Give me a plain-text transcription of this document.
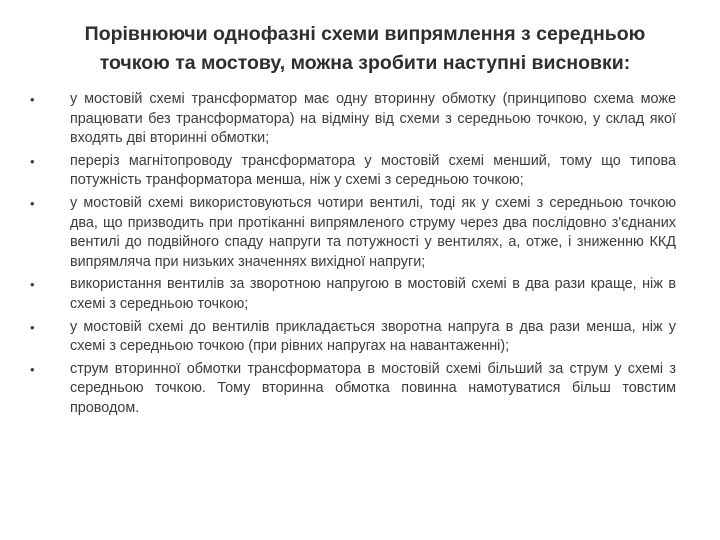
Порівнюючи однофазні схеми випрямлення з середньою
точкою та мостову, можна зробити наступні висновки:
•	у мостовій схемі трансформатор має одну вторинну обмотку (принципово схема може працювати без трансформатора) на відміну від схеми з середньою точкою, у склад якої входять дві вторинні обмотки;
•	переріз магнітопроводу трансформатора у мостовій схемі менший, тому що типова потужність транформатора менша, ніж у схемі з середньою точкою;
•	у мостовій схемі використовуються чотири вентилі, тоді як у схемі з середньою точкою два, що призводить при протіканні випрямленого струму через два послідовно з'єднаних вентилі до подвійного спаду напруги та потужності у вентилях, а, отже, і зниженню ККД випрямляча при низьких значеннях вихідної напруги;
•	використання вентилів за зворотною напругою в мостовій схемі в два рази краще, ніж в схемі з середньою точкою;
•	у мостовій схемі до вентилів прикладається зворотна напруга в два рази менша, ніж у схемі з середньою точкою (при рівних напругах на навантаженні);
•	струм вторинної обмотки трансформатора в мостовій схемі більший за струм у схемі з середньою точкою. Тому вторинна обмотка повинна намотуватися більш товстим проводом.
